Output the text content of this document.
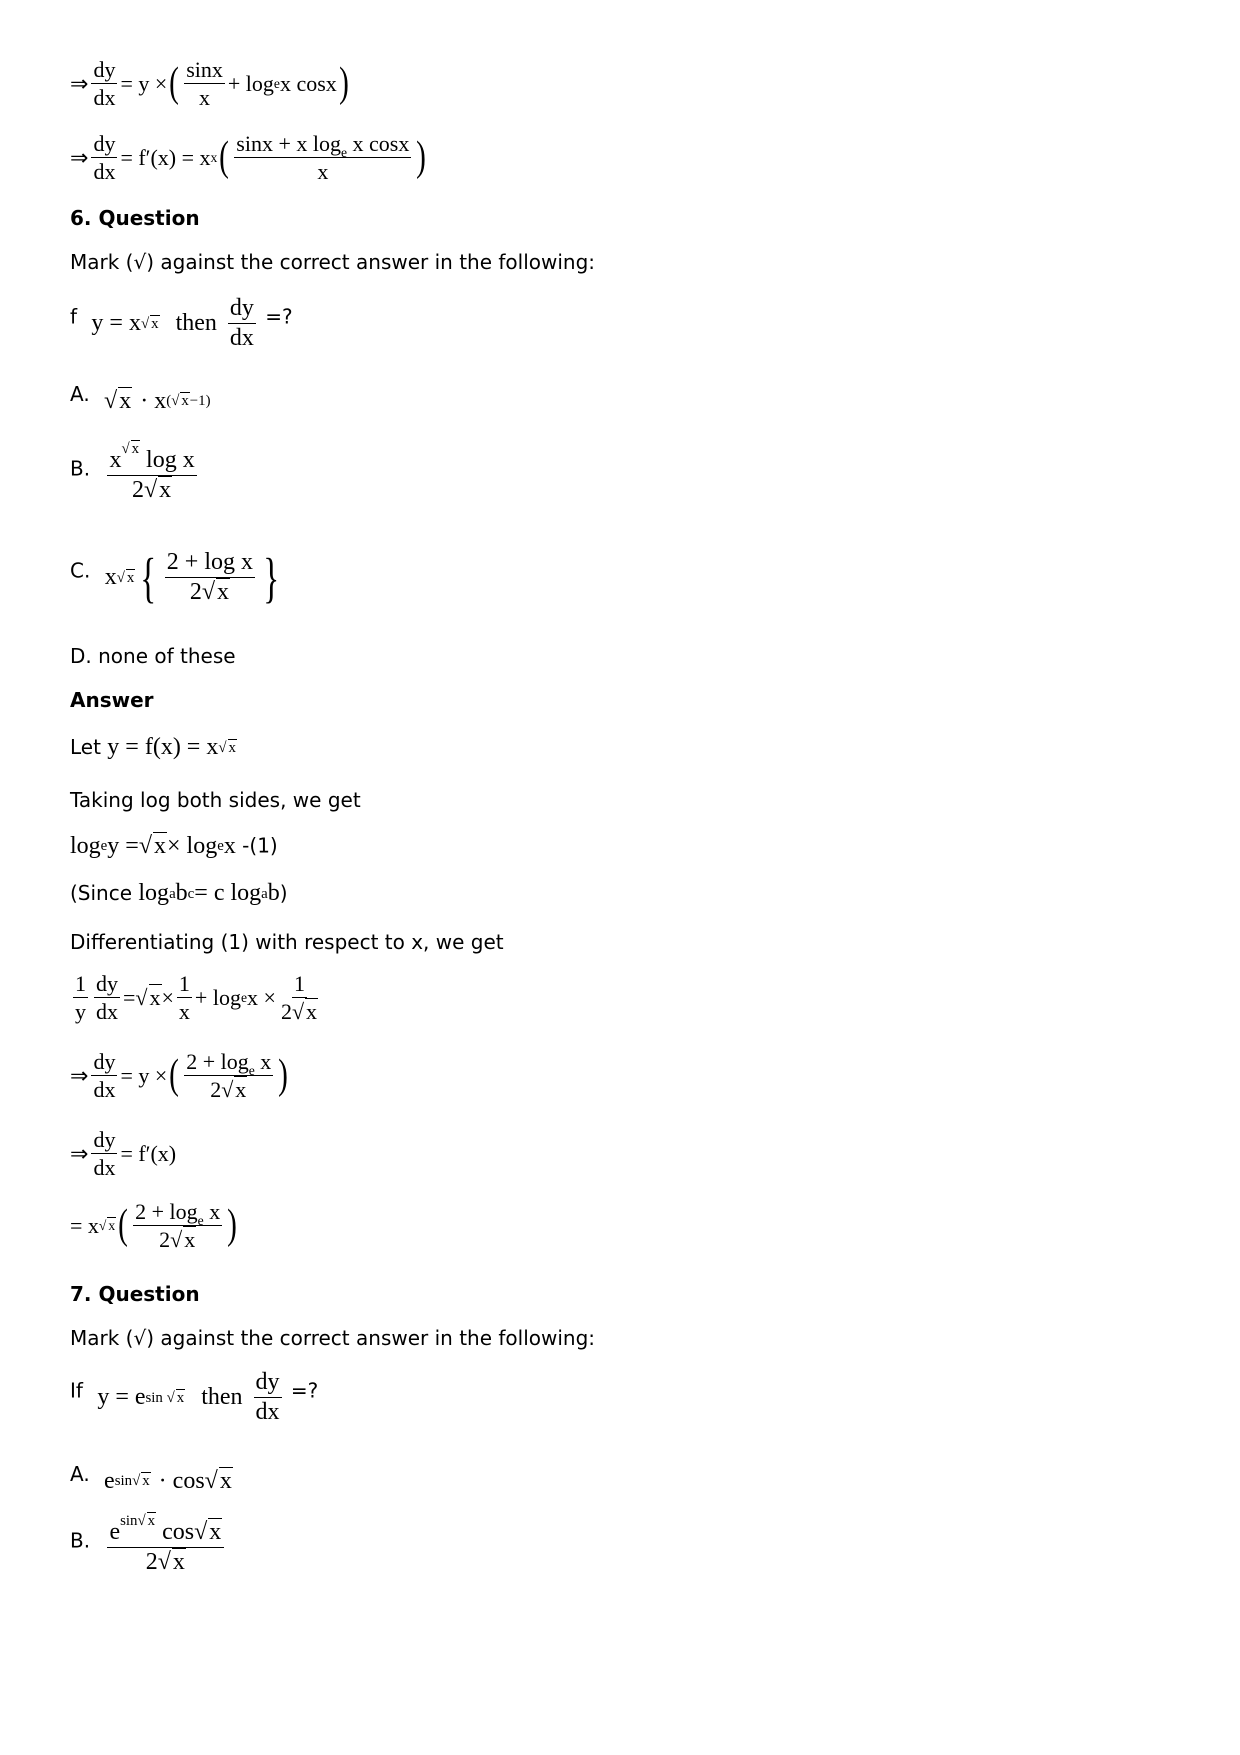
⇒ $\frac{dy}{dx} = y$ × ( $\frac{\sin x}{x} + \log e$ x cosx )
⇒ $\frac{dy}{dx} = f'(x) = x$ x ( $\frac{\sin x + x \log_e x \cos x}{x}$ )
6. Question
Mark (√) against the correct answer in the following:
f y = x √ x then $\frac{dy}{dx}$ =?
A.
√ x · x (√ x−1)
B. $\frac{x^{√ x} \log x}{2√x}$
C. x √ x { $\frac{\text{2 + log x}}{2√x}$ }
D. none of these
Answer
Let y = f(x) = x √ x
Taking log both sides, we get
log e y = √ x × log e x -(1)
(Since log a b c = c log a b )
Differentiating (1) with respect to x, we get
$\frac{1}{y} \frac{dy}{dx}$ = √ $x \times \frac{1}{x} + \log e$ $x \times \frac{1}{2√x}$
⇒ $\frac{dy}{dx} = y$ × ( $\frac{2 + \log_e x}{2√x}$ )
⇒ $\frac{dy}{dx} = f'(x)$
= x √ x ( $\frac{2 + \log_e x}{2√x}$ )
7. Question
Mark (√) against the correct answer in the following:
If y = e sin √ x then $\frac{dy}{dx}$ =?
A. e sin√ x · cos √ x
B. $\frac{e^{sin√ x} \cos√x}{2√x}$
